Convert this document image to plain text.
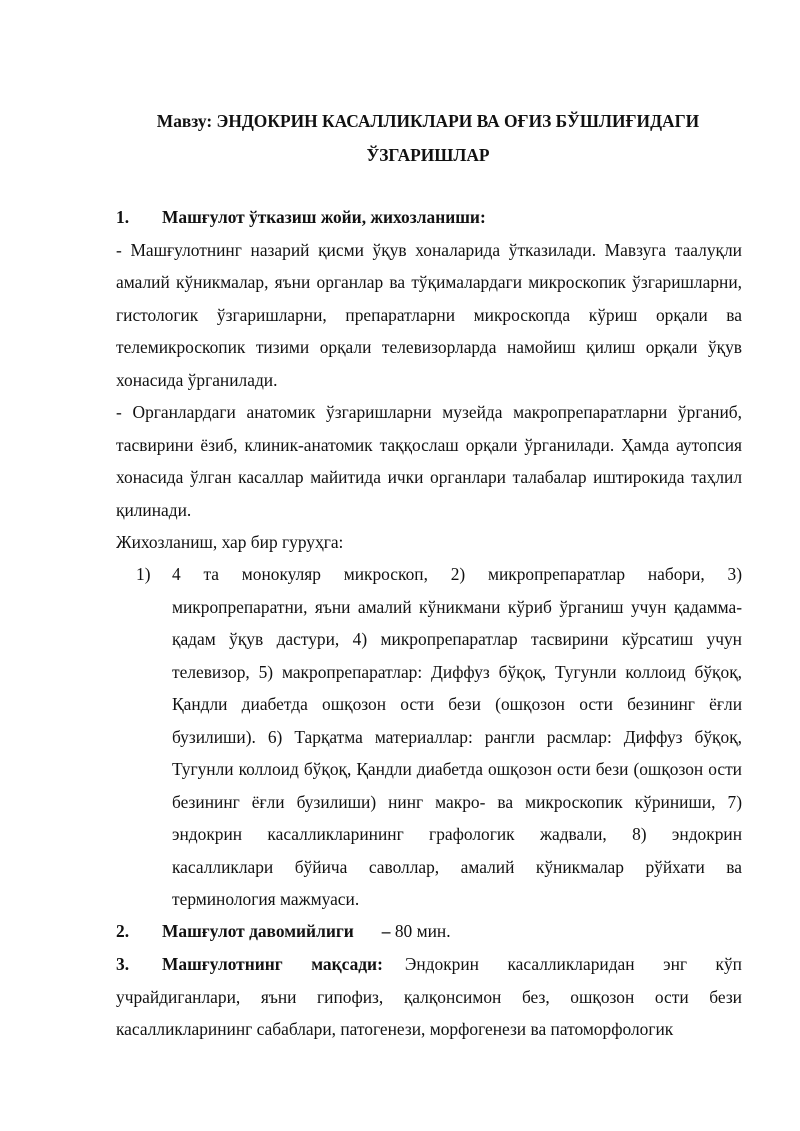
Мавзу: ЭНДОКРИН КАСАЛЛИКЛАРИ ВА ОҒИЗ БЎШЛИҒИДАГИ
ЎЗГАРИШЛАР
1.	Машғулот ўтказиш жойи, жихозланиши:
- Машғулотнинг назарий қисми ўқув хоналарида ўтказилади. Мавзуга таалуқли амалий кўникмалар, яъни органлар ва тўқималардаги микроскопик ўзгаришларни, гистологик ўзгаришларни, препаратларни микроскопда кўриш орқали ва телемикроскопик тизими орқали телевизорларда намойиш қилиш орқали ўқув хонасида ўрганилади.
- Органлардаги анатомик ўзгаришларни музейда макропрепаратларни ўрганиб, тасвирини ёзиб, клиник-анатомик таққослаш орқали ўрганилади. Ҳамда аутопсия хонасида ўлган касаллар майитида ички органлари талабалар иштирокида таҳлил қилинади.
Жихозланиш, хар бир гуруҳга:
1) 4 та монокуляр микроскоп, 2) микропрепаратлар набори, 3) микропрепаратни, яъни амалий кўникмани кўриб ўрганиш учун қадамма-қадам ўқув дастури, 4) микропрепаратлар тасвирини кўрсатиш учун телевизор, 5) макропрепаратлар: Диффуз бўқоқ, Тугунли коллоид бўқоқ, Қандли диабетда ошқозон ости бези (ошқозон ости безининг ёғли бузилиши). 6) Тарқатма материаллар: рангли расмлар: Диффуз бўқоқ, Тугунли коллоид бўқоқ, Қандли диабетда ошқозон ости бези (ошқозон ости безининг ёғли бузилиши) нинг макро- ва микроскопик кўриниши, 7) эндокрин касалликларининг графологик жадвали, 8) эндокрин касалликлари бўйича саволлар, амалий кўникмалар рўйхати ва терминология мажмуаси.
2. Машғулот давомийлиги – 80 мин.
3. Машғулотнинг мақсади: Эндокрин касалликларидан энг кўп учрайдиганлари, яъни гипофиз, қалқонсимон без, ошқозон ости бези касалликларининг сабаблари, патогенези, морфогенези ва патоморфологик
